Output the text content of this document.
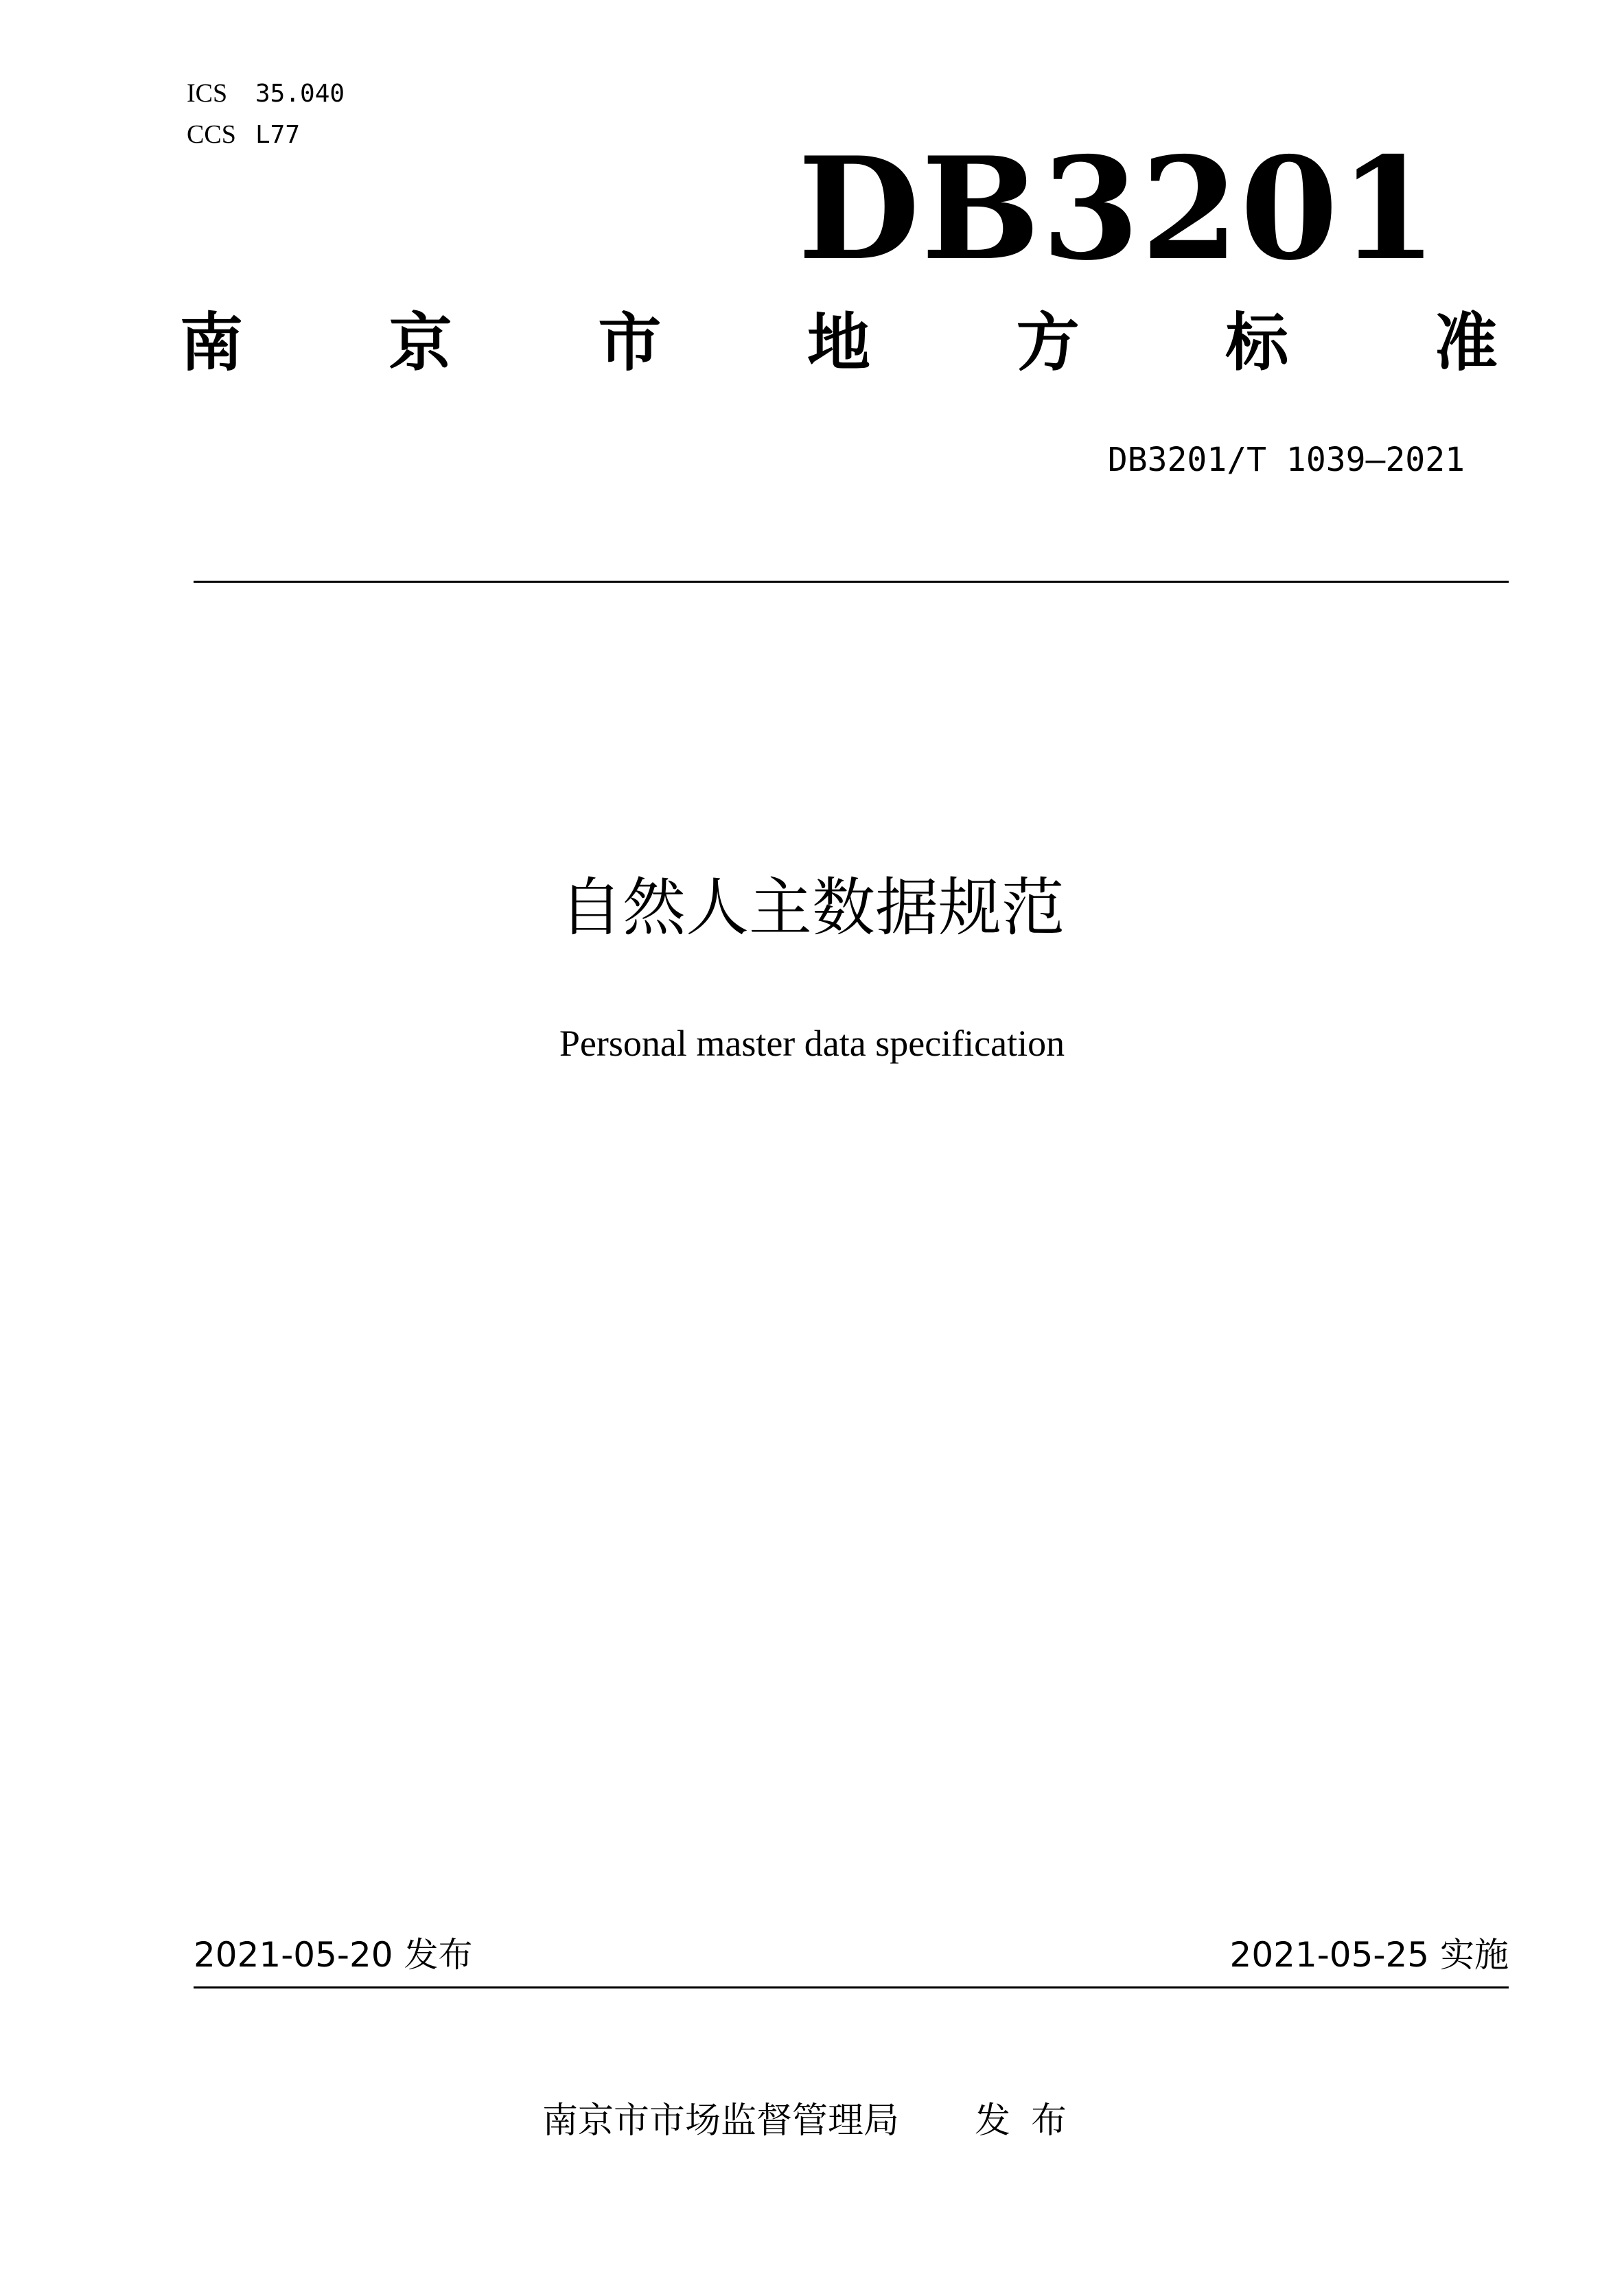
ICS 35.040
CCS L77	DB3201
南 京 市 地 方 标 准
DB3201/T 1039—2021
自然人主数据规范
Personal master data specification
2021-05-20 发布	2021-05-25 实施
南京市市场监督管理局 发布
